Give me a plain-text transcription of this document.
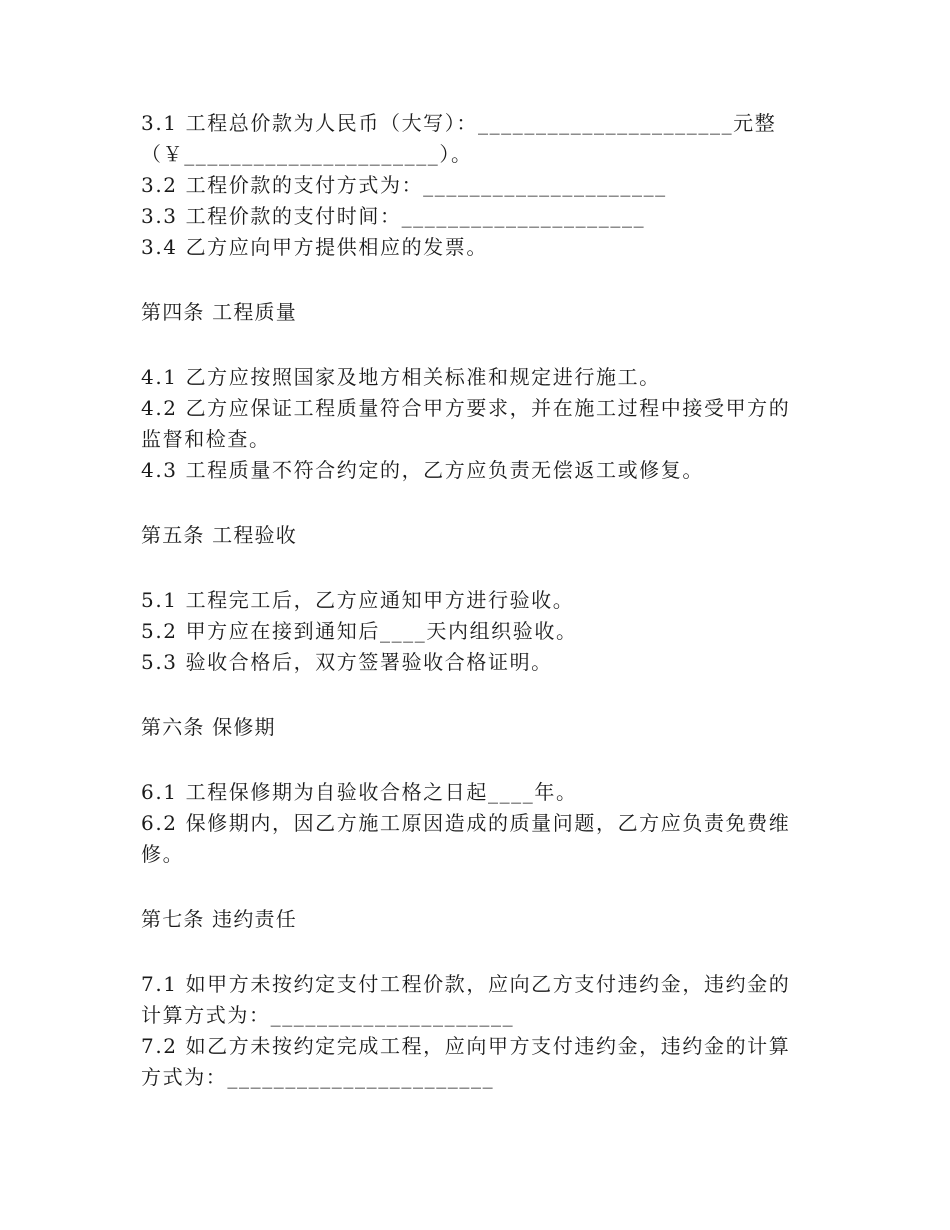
3.1 工程总价款为人民币（大写）：______________________元整
（￥______________________）。
3.2 工程价款的支付方式为：_____________________
3.3 工程价款的支付时间：_____________________
3.4 乙方应向甲方提供相应的发票。
第四条 工程质量
4.1 乙方应按照国家及地方相关标准和规定进行施工。
4.2 乙方应保证工程质量符合甲方要求，并在施工过程中接受甲方的
监督和检查。
4.3 工程质量不符合约定的，乙方应负责无偿返工或修复。
第五条 工程验收
5.1 工程完工后，乙方应通知甲方进行验收。
5.2 甲方应在接到通知后____天内组织验收。
5.3 验收合格后，双方签署验收合格证明。
第六条 保修期
6.1 工程保修期为自验收合格之日起____年。
6.2 保修期内，因乙方施工原因造成的质量问题，乙方应负责免费维
修。
第七条 违约责任
7.1 如甲方未按约定支付工程价款，应向乙方支付违约金，违约金的
计算方式为：_____________________
7.2 如乙方未按约定完成工程，应向甲方支付违约金，违约金的计算
方式为：_______________________
